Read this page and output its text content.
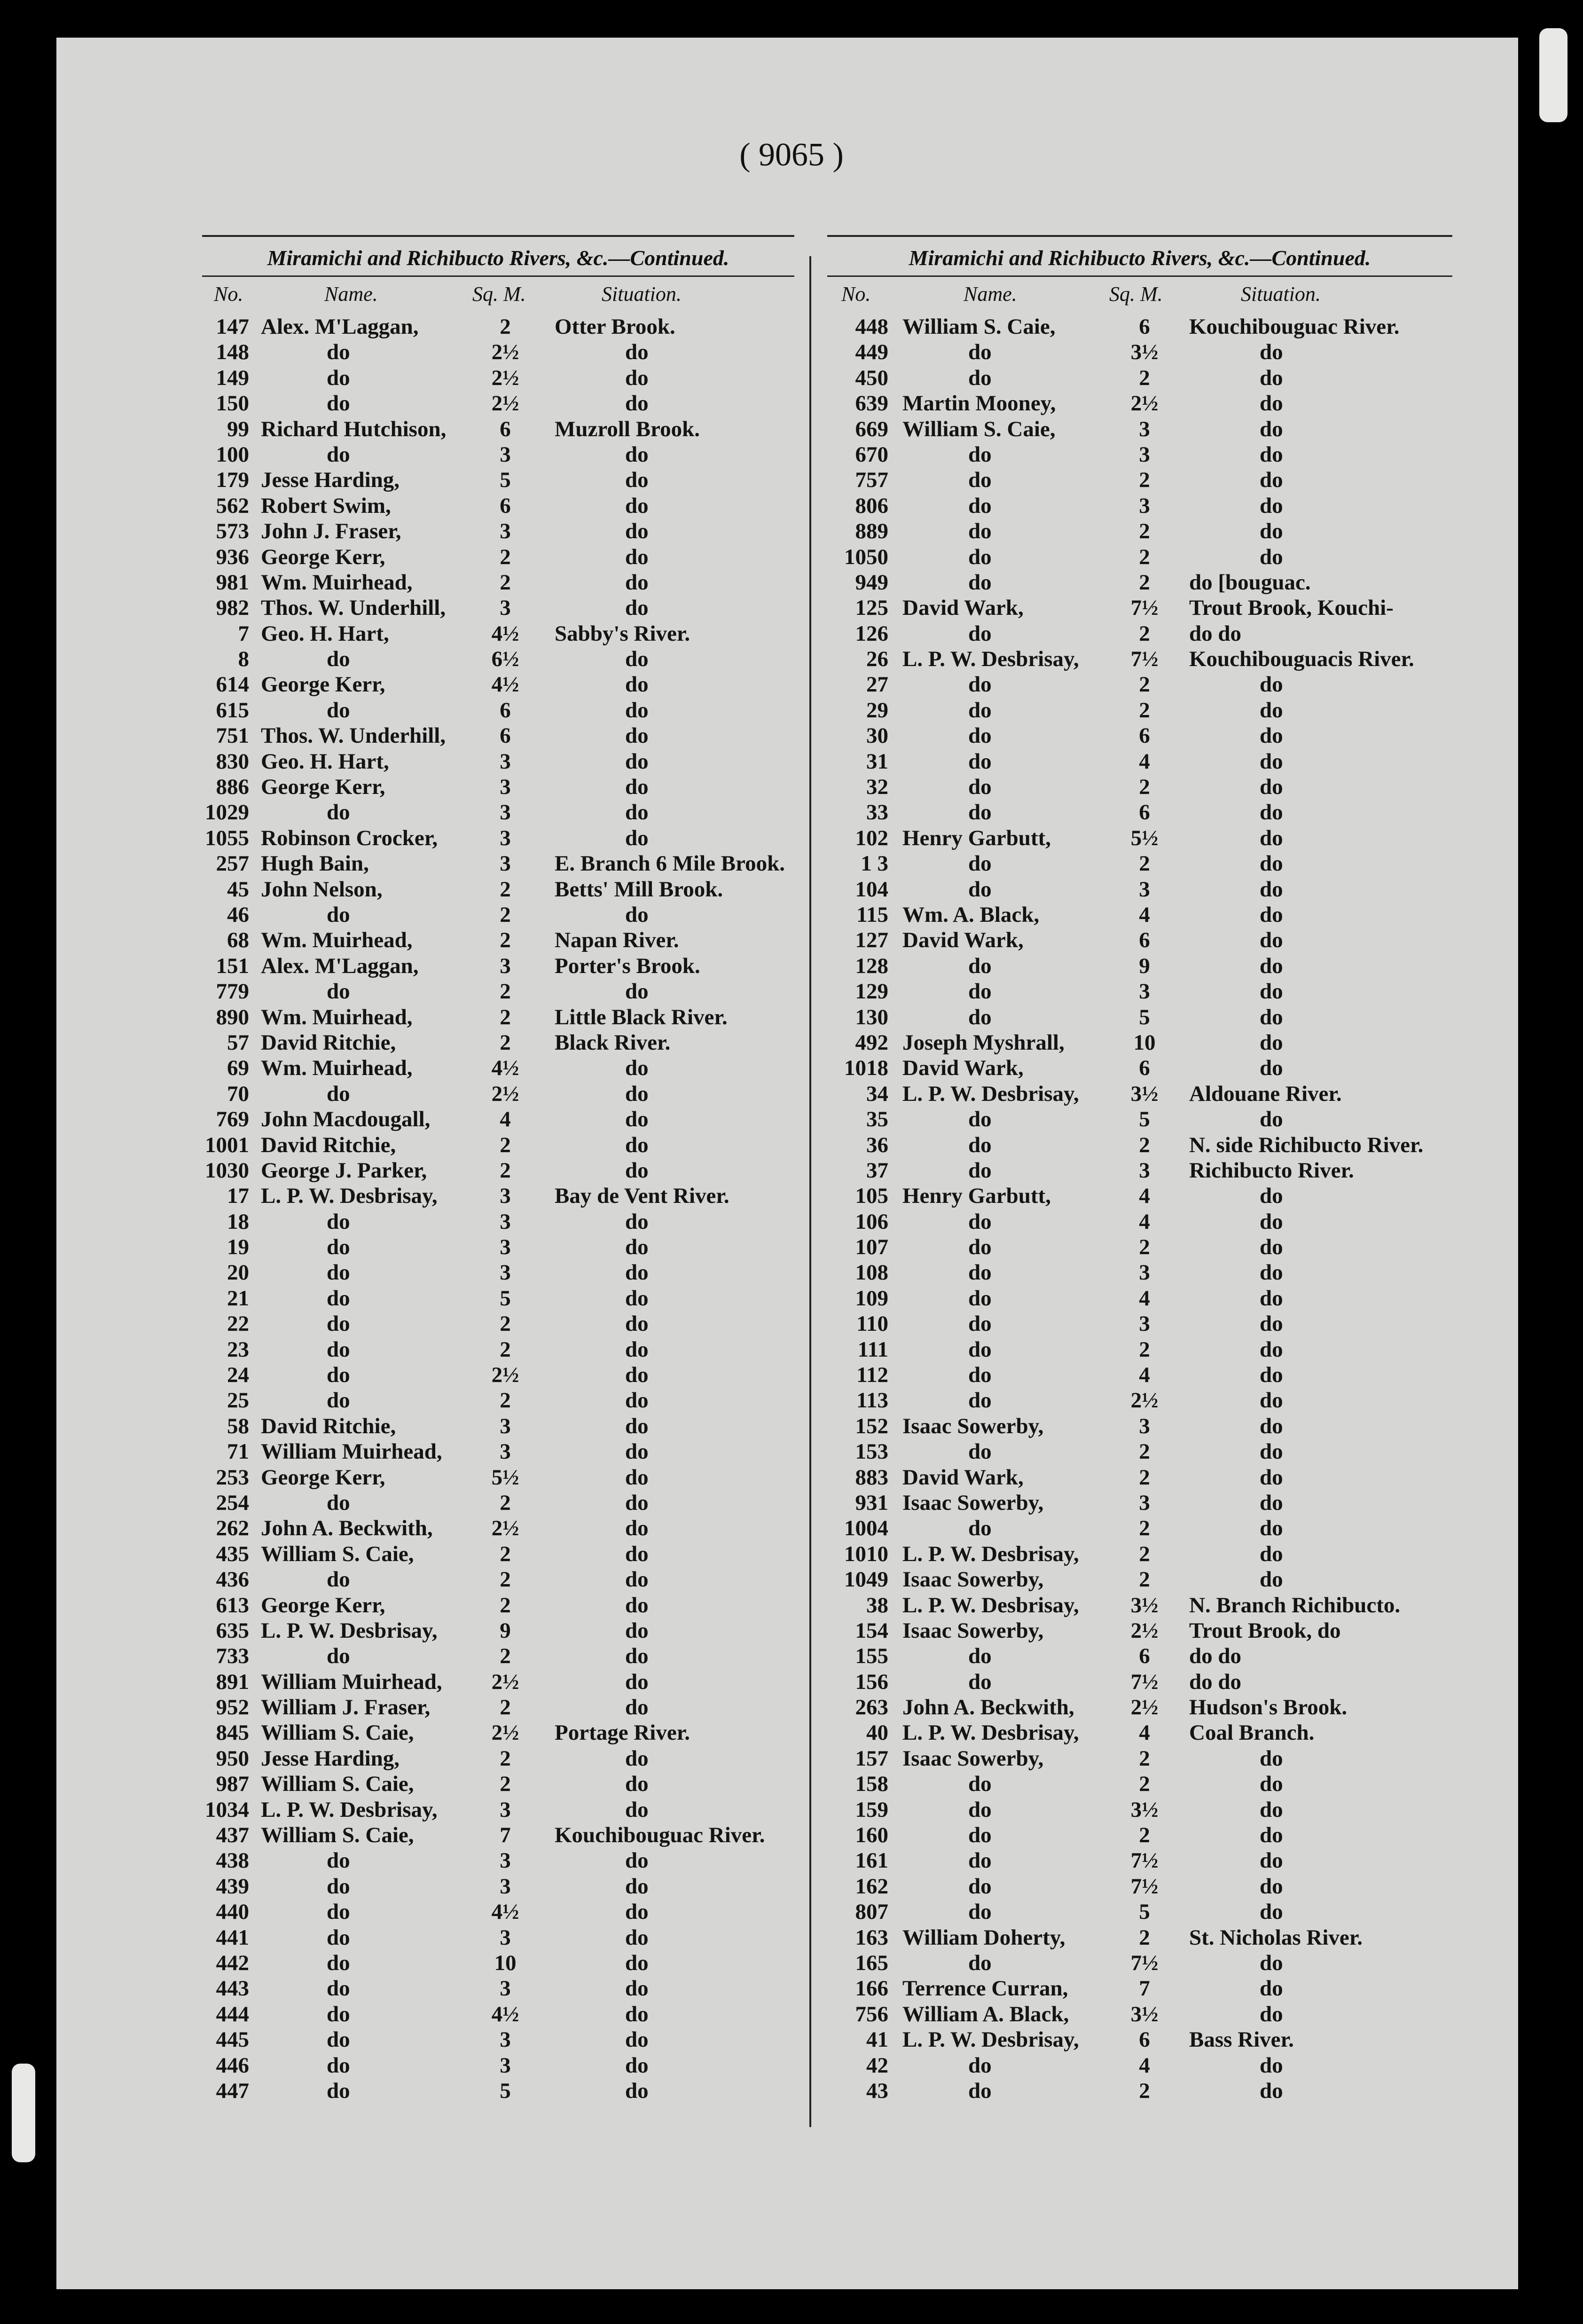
( 9065 )
Miramichi and Richibucto Rivers, &c.—Continued.
No.	Name.	Sq. M.	Situation.
147 Alex. M'Laggan,	2	Otter Brook.
148	do	2½	do
149	do	2½	do
150	do	2½	do
99 Richard Hutchison,	6	Muzroll Brook.
100	do	3	do
179 Jesse Harding,	5	do
562 Robert Swim,	6	do
573 John J. Fraser,	3	do
936 George Kerr,	2	do
981 Wm. Muirhead,	2	do
982 Thos. W. Underhill,	3	do
7 Geo. H. Hart,	4½	Sabby's River.
8	do	6½	do
614 George Kerr,	4½	do
615	do	6	do
751 Thos. W. Underhill,	6	do
830 Geo. H. Hart,	3	do
886 George Kerr,	3	do
1029	do	3	do
1055 Robinson Crocker,	3	do
257 Hugh Bain,	3	E. Branch 6 Mile Brook.
45 John Nelson,	2	Betts' Mill Brook.
46	do	2	do
68 Wm. Muirhead,	2	Napan River.
151 Alex. M'Laggan,	3	Porter's Brook.
779	do	2	do
890 Wm. Muirhead,	2	Little Black River.
57 David Ritchie,	2	Black River.
69 Wm. Muirhead,	4½	do
70	do	2½	do
769 John Macdougall,	4	do
1001 David Ritchie,	2	do
1030 George J. Parker,	2	do
17 L. P. W. Desbrisay,	3	Bay de Vent River.
18	do	3	do
19	do	3	do
20	do	3	do
21	do	5	do
22	do	2	do
23	do	2	do
24	do	2½	do
25	do	2	do
58 David Ritchie,	3	do
71 William Muirhead,	3	do
253 George Kerr,	5½	do
254	do	2	do
262 John A. Beckwith,	2½	do
435 William S. Caie,	2	do
436	do	2	do
613 George Kerr,	2	do
635 L. P. W. Desbrisay,	9	do
733	do	2	do
891 William Muirhead,	2½	do
952 William J. Fraser,	2	do
845 William S. Caie,	2½	Portage River.
950 Jesse Harding,	2	do
987 William S. Caie,	2	do
1034 L. P. W. Desbrisay,	3	do
437 William S. Caie,	7	Kouchibouguac River.
438	do	3	do
439	do	3	do
440	do	4½	do
441	do	3	do
442	do	10	do
443	do	3	do
444	do	4½	do
445	do	3	do
446	do	3	do
447	do	5	do
Miramichi and Richibucto Rivers, &c.—Continued.
No.	Name.	Sq. M.	Situation.
448 William S. Caie,	6	Kouchibouguac River.
449	do	3½	do
450	do	2	do
639 Martin Mooney,	2½	do
669 William S. Caie,	3	do
670	do	3	do
757	do	2	do
806	do	3	do
889	do	2	do
1050	do	2	do
949	do	2	do [bouguac.
125 David Wark,	7½	Trout Brook, Kouchi-
126	do	2	do do
26 L. P. W. Desbrisay,	7½	Kouchibouguacis River.
27	do	2	do
29	do	2	do
30	do	6	do
31	do	4	do
32	do	2	do
33	do	6	do
102 Henry Garbutt,	5½	do
1 3	do	2	do
104	do	3	do
115 Wm. A. Black,	4	do
127 David Wark,	6	do
128	do	9	do
129	do	3	do
130	do	5	do
492 Joseph Myshrall,	10	do
1018 David Wark,	6	do
34 L. P. W. Desbrisay,	3½	Aldouane River.
35	do	5	do
36	do	2	N. side Richibucto River.
37	do	3	Richibucto River.
105 Henry Garbutt,	4	do
106	do	4	do
107	do	2	do
108	do	3	do
109	do	4	do
110	do	3	do
111	do	2	do
112	do	4	do
113	do	2½	do
152 Isaac Sowerby,	3	do
153	do	2	do
883 David Wark,	2	do
931 Isaac Sowerby,	3	do
1004	do	2	do
1010 L. P. W. Desbrisay,	2	do
1049 Isaac Sowerby,	2	do
38 L. P. W. Desbrisay,	3½	N. Branch Richibucto.
154 Isaac Sowerby,	2½	Trout Brook, do
155	do	6	do do
156	do	7½	do do
263 John A. Beckwith,	2½	Hudson's Brook.
40 L. P. W. Desbrisay,	4	Coal Branch.
157 Isaac Sowerby,	2	do
158	do	2	do
159	do	3½	do
160	do	2	do
161	do	7½	do
162	do	7½	do
807	do	5	do
163 William Doherty,	2	St. Nicholas River.
165	do	7½	do
166 Terrence Curran,	7	do
756 William A. Black,	3½	do
41 L. P. W. Desbrisay,	6	Bass River.
42	do	4	do
43	do	2	do
